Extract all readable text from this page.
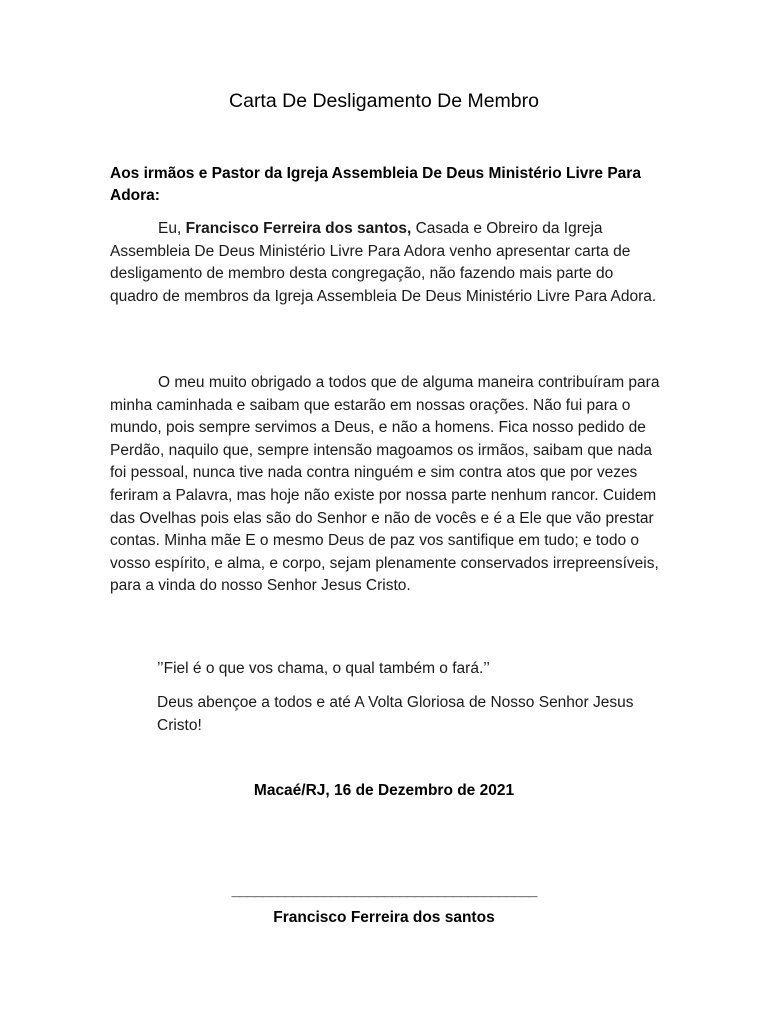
Carta De Desligamento De Membro
Aos irmãos e Pastor da Igreja Assembleia De Deus Ministério Livre Para Adora:
Eu, Francisco Ferreira dos santos, Casada e Obreiro da Igreja Assembleia De Deus Ministério Livre Para Adora venho apresentar carta de desligamento de membro desta congregação, não fazendo mais parte do quadro de membros da Igreja Assembleia De Deus Ministério Livre Para Adora.
O meu muito obrigado a todos que de alguma maneira contribuíram para minha caminhada e saibam que estarão em nossas orações. Não fui para o mundo, pois sempre servimos a Deus, e não a homens. Fica nosso pedido de Perdão, naquilo que, sempre intensão magoamos os irmãos, saibam que nada foi pessoal, nunca tive nada contra ninguém e sim contra atos que por vezes feriram a Palavra, mas hoje não existe por nossa parte nenhum rancor. Cuidem das Ovelhas pois elas são do Senhor e não de vocês e é a Ele que vão prestar contas. Minha mãe E o mesmo Deus de paz vos santifique em tudo; e todo o vosso espírito, e alma, e corpo, sejam plenamente conservados irrepreensíveis, para a vinda do nosso Senhor Jesus Cristo.
’’Fiel é o que vos chama, o qual também o fará.’’
Deus abençoe a todos e até A Volta Gloriosa de Nosso Senhor Jesus Cristo!
Macaé/RJ, 16 de Dezembro de 2021
________________________________________
Francisco Ferreira dos santos
